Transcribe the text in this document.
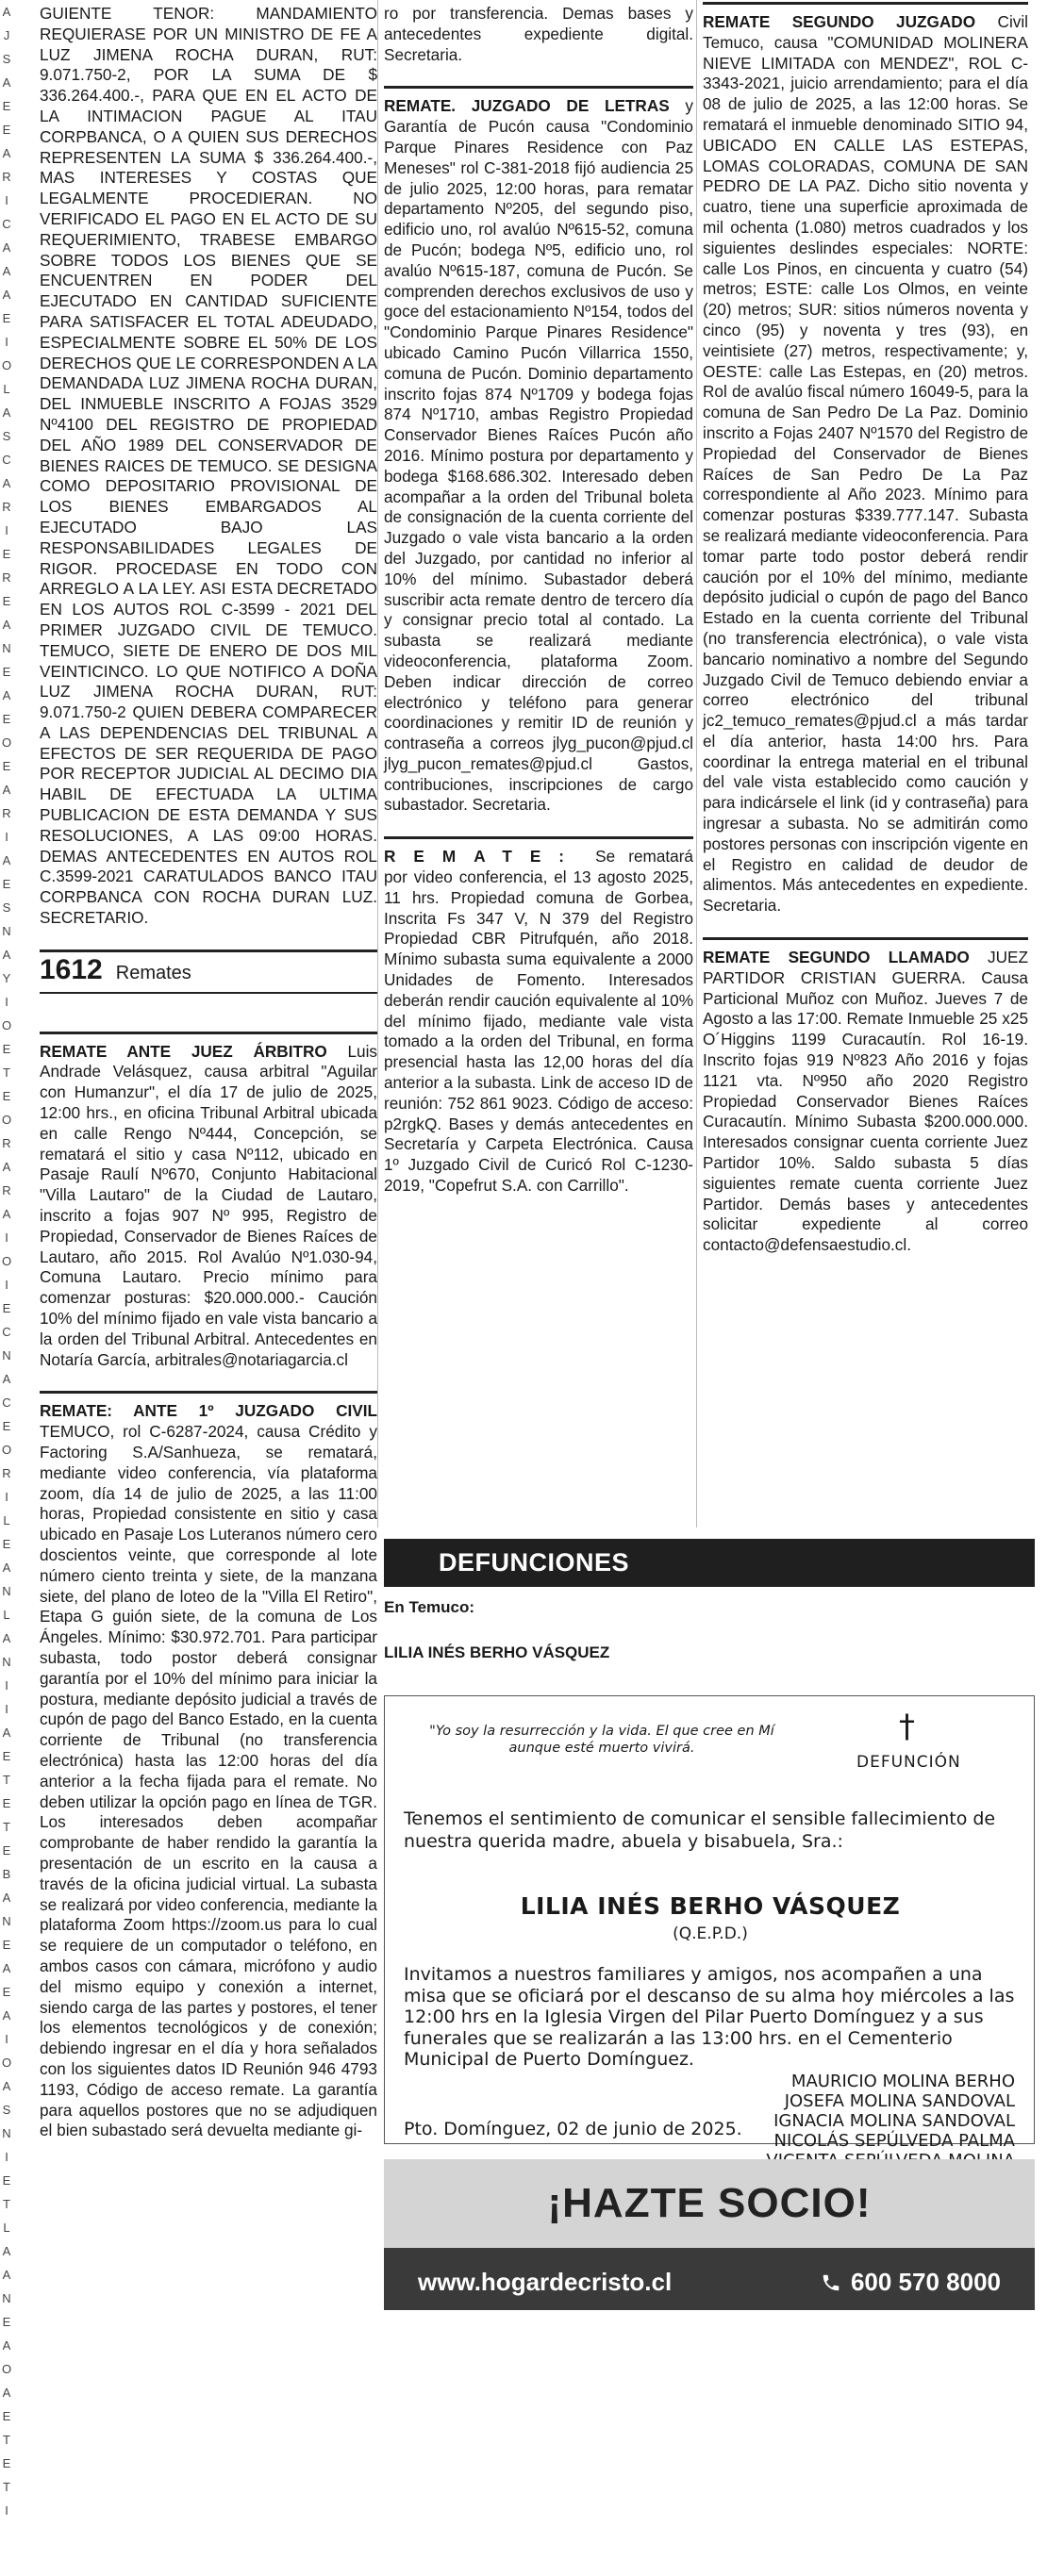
A
J
S
A
E
E
A
R
I
C
A
A
A
E
I
O
L
A
S
C
A
R
I
E
R
E
A
N
E
A
E
O
E
A
R
I
A
E
S
N
A
Y
I
O
E
T
E
O
R
A
R
A
I
O
I
E
C
N
A
C
E
O
R
I
L
E
A
N
L
A
N
I
I
A
E
T
E
T
E
B
A
N
E
A
E
A
I
O
A
S
N
I
E
T
L
A
A
N
E
A
O
A
E
T
E
T
I

GUIENTE TENOR: MANDAMIENTO REQUIERASE POR UN MINISTRO DE FE A LUZ JIMENA ROCHA DURAN, RUT: 9.071.750-2, POR LA SUMA DE $ 336.264.400.-, PARA QUE EN EL ACTO DE LA INTIMACION PAGUE AL ITAU CORPBANCA, O A QUIEN SUS DERECHOS REPRESENTEN LA SUMA $ 336.264.400.-, MAS INTERESES Y COSTAS QUE LEGALMENTE PROCEDIERAN. NO VERIFICADO EL PAGO EN EL ACTO DE SU REQUERIMIENTO, TRABESE EMBARGO SOBRE TODOS LOS BIENES QUE SE ENCUENTREN EN PODER DEL EJECUTADO EN CANTIDAD SUFICIENTE PARA SATISFACER EL TOTAL ADEUDADO, ESPECIALMENTE SOBRE EL 50% DE LOS DERECHOS QUE LE CORRESPONDEN A LA DEMANDADA LUZ JIMENA ROCHA DURAN, DEL INMUEBLE INSCRITO A FOJAS 3529 Nº4100 DEL REGISTRO DE PROPIEDAD DEL AÑO 1989 DEL CONSERVADOR DE BIENES RAICES DE TEMUCO. SE DESIGNA COMO DEPOSITARIO PROVISIONAL DE LOS BIENES EMBARGADOS AL EJECUTADO BAJO LAS RESPONSABILIDADES LEGALES DE RIGOR. PROCEDASE EN TODO CON ARREGLO A LA LEY. ASI ESTA DECRETADO EN LOS AUTOS ROL C-3599 - 2021 DEL PRIMER JUZGADO CIVIL DE TEMUCO. TEMUCO, SIETE DE ENERO DE DOS MIL VEINTICINCO. LO QUE NOTIFICO A DOÑA LUZ JIMENA ROCHA DURAN, RUT: 9.071.750-2 QUIEN DEBERA COMPARECER A LAS DEPENDENCIAS DEL TRIBUNAL A EFECTOS DE SER REQUERIDA DE PAGO POR RECEPTOR JUDICIAL AL DECIMO DIA HABIL DE EFECTUADA LA ULTIMA PUBLICACION DE ESTA DEMANDA Y SUS RESOLUCIONES, A LAS 09:00 HORAS. DEMAS ANTECEDENTES EN AUTOS ROL C.3599-2021 CARATULADOS BANCO ITAU CORPBANCA CON ROCHA DURAN LUZ. SECRETARIO.

1612 Remates

REMATE ANTE JUEZ ÁRBITRO Luis Andrade Velásquez, causa arbitral "Aguilar con Humanzur", el día 17 de julio de 2025, 12:00 hrs., en oficina Tribunal Arbitral ubicada en calle Rengo Nº444, Concepción, se rematará el sitio y casa Nº112, ubicado en Pasaje Raulí Nº670, Conjunto Habitacional "Villa Lautaro" de la Ciudad de Lautaro, inscrito a fojas 907 Nº 995, Registro de Propiedad, Conservador de Bienes Raíces de Lautaro, año 2015. Rol Avalúo Nº1.030-94, Comuna Lautaro. Precio mínimo para comenzar posturas: $20.000.000.- Caución 10% del mínimo fijado en vale vista bancario a la orden del Tribunal Arbitral. Antecedentes en Notaría García, arbitrales@notariagarcia.cl

REMATE: ANTE 1º JUZGADO CIVIL TEMUCO, rol C-6287-2024, causa Crédito y Factoring S.A/Sanhueza, se rematará, mediante video conferencia, vía plataforma zoom, día 14 de julio de 2025, a las 11:00 horas, Propiedad consistente en sitio y casa ubicado en Pasaje Los Luteranos número cero doscientos veinte, que corresponde al lote número ciento treinta y siete, de la manzana siete, del plano de loteo de la "Villa El Retiro", Etapa G guión siete, de la comuna de Los Ángeles. Mínimo: $30.972.701. Para participar subasta, todo postor deberá consignar garantía por el 10% del mínimo para iniciar la postura, mediante depósito judicial a través de cupón de pago del Banco Estado, en la cuenta corriente de Tribunal (no transferencia electrónica) hasta las 12:00 horas del día anterior a la fecha fijada para el remate. No deben utilizar la opción pago en línea de TGR. Los interesados deben acompañar comprobante de haber rendido la garantía la presentación de un escrito en la causa a través de la oficina judicial virtual. La subasta se realizará por video conferencia, mediante la plataforma Zoom https://zoom.us para lo cual se requiere de un computador o teléfono, en ambos casos con cámara, micrófono y audio del mismo equipo y conexión a internet, siendo carga de las partes y postores, el tener los elementos tecnológicos y de conexión; debiendo ingresar en el día y hora señalados con los siguientes datos ID Reunión 946 4793 1193, Código de acceso remate. La garantía para aquellos postores que no se adjudiquen el bien subastado será devuelta mediante gi-

ro por transferencia. Demas bases y antecedentes expediente digital. Secretaria.

REMATE. JUZGADO DE LETRAS y Garantía de Pucón causa "Condominio Parque Pinares Residence con Paz Meneses" rol C-381-2018 fijó audiencia 25 de julio 2025, 12:00 horas, para rematar departamento Nº205, del segundo piso, edificio uno, rol avalúo Nº615-52, comuna de Pucón; bodega Nº5, edificio uno, rol avalúo Nº615-187, comuna de Pucón. Se comprenden derechos exclusivos de uso y goce del estacionamiento Nº154, todos del "Condominio Parque Pinares Residence" ubicado Camino Pucón Villarrica 1550, comuna de Pucón. Dominio departamento inscrito fojas 874 Nº1709 y bodega fojas 874 Nº1710, ambas Registro Propiedad Conservador Bienes Raíces Pucón año 2016. Mínimo postura por departamento y bodega $168.686.302. Interesado deben acompañar a la orden del Tribunal boleta de consignación de la cuenta corriente del Juzgado o vale vista bancario a la orden del Juzgado, por cantidad no inferior al 10% del mínimo. Subastador deberá suscribir acta remate dentro de tercero día y consignar precio total al contado. La subasta se realizará mediante videoconferencia, plataforma Zoom. Deben indicar dirección de correo electrónico y teléfono para generar coordinaciones y remitir ID de reunión y contraseña a correos jlyg_pucon@pjud.cl jlyg_pucon_remates@pjud.cl Gastos, contribuciones, inscripciones de cargo subastador. Secretaria.

REMATE: Se rematará por video conferencia, el 13 agosto 2025, 11 hrs. Propiedad comuna de Gorbea, Inscrita Fs 347 V, N 379 del Registro Propiedad CBR Pitrufquén, año 2018. Mínimo subasta suma equivalente a 2000 Unidades de Fomento. Interesados deberán rendir caución equivalente al 10% del mínimo fijado, mediante vale vista tomado a la orden del Tribunal, en forma presencial hasta las 12,00 horas del día anterior a la subasta. Link de acceso ID de reunión: 752 861 9023. Código de acceso: p2rgkQ. Bases y demás antecedentes en Secretaría y Carpeta Electrónica. Causa 1º Juzgado Civil de Curicó Rol C-1230-2019, "Copefrut S.A. con Carrillo".

REMATE SEGUNDO JUZGADO Civil Temuco, causa "COMUNIDAD MOLINERA NIEVE LIMITADA con MENDEZ", ROL C-3343-2021, juicio arrendamiento; para el día 08 de julio de 2025, a las 12:00 horas. Se rematará el inmueble denominado SITIO 94, UBICADO EN CALLE LAS ESTEPAS, LOMAS COLORADAS, COMUNA DE SAN PEDRO DE LA PAZ. Dicho sitio noventa y cuatro, tiene una superficie aproximada de mil ochenta (1.080) metros cuadrados y los siguientes deslindes especiales: NORTE: calle Los Pinos, en cincuenta y cuatro (54) metros; ESTE: calle Los Olmos, en veinte (20) metros; SUR: sitios números noventa y cinco (95) y noventa y tres (93), en veintisiete (27) metros, respectivamente; y, OESTE: calle Las Estepas, en (20) metros. Rol de avalúo fiscal número 16049-5, para la comuna de San Pedro De La Paz. Dominio inscrito a Fojas 2407 Nº1570 del Registro de Propiedad del Conservador de Bienes Raíces de San Pedro De La Paz correspondiente al Año 2023. Mínimo para comenzar posturas $339.777.147. Subasta se realizará mediante videoconferencia. Para tomar parte todo postor deberá rendir caución por el 10% del mínimo, mediante depósito judicial o cupón de pago del Banco Estado en la cuenta corriente del Tribunal (no transferencia electrónica), o vale vista bancario nominativo a nombre del Segundo Juzgado Civil de Temuco debiendo enviar a correo electrónico del tribunal jc2_temuco_remates@pjud.cl a más tardar el día anterior, hasta 14:00 hrs. Para coordinar la entrega material en el tribunal del vale vista establecido como caución y para indicársele el link (id y contraseña) para ingresar a subasta. No se admitirán como postores personas con inscripción vigente en el Registro en calidad de deudor de alimentos. Más antecedentes en expediente. Secretaria.

REMATE SEGUNDO LLAMADO JUEZ PARTIDOR CRISTIAN GUERRA. Causa Particional Muñoz con Muñoz. Jueves 7 de Agosto a las 17:00. Remate Inmueble 25 x25 O´Higgins 1199 Curacautín. Rol 16-19. Inscrito fojas 919 Nº823 Año 2016 y fojas 1121 vta. Nº950 año 2020 Registro Propiedad Conservador Bienes Raíces Curacautín. Mínimo Subasta $200.000.000. Interesados consignar cuenta corriente Juez Partidor 10%. Saldo subasta 5 días siguientes remate cuenta corriente Juez Partidor. Demás bases y antecedentes solicitar expediente al correo contacto@defensaestudio.cl.

DEFUNCIONES
En Temuco:
LILIA INÉS BERHO VÁSQUEZ
"Yo soy la resurrección y la vida. El que cree en Mí aunque esté muerto vivirá.
†
DEFUNCIÓN
Tenemos el sentimiento de comunicar el sensible fallecimiento de nuestra querida madre, abuela y bisabuela, Sra.:
LILIA INÉS BERHO VÁSQUEZ
(Q.E.P.D.)
Invitamos a nuestros familiares y amigos, nos acompañen a una misa que se oficiará por el descanso de su alma hoy miércoles a las 12:00 hrs en la Iglesia Virgen del Pilar Puerto Domínguez y a sus funerales que se realizarán a las 13:00 hrs. en el Cementerio Municipal de Puerto Domínguez.
MAURICIO MOLINA BERHO
JOSEFA MOLINA SANDOVAL
IGNACIA MOLINA SANDOVAL
NICOLÁS SEPÚLVEDA PALMA
Pto. Domínguez, 02 de junio de 2025.
¡HAZTE SOCIO!
www.hogardecristo.cl	600 570 8000
